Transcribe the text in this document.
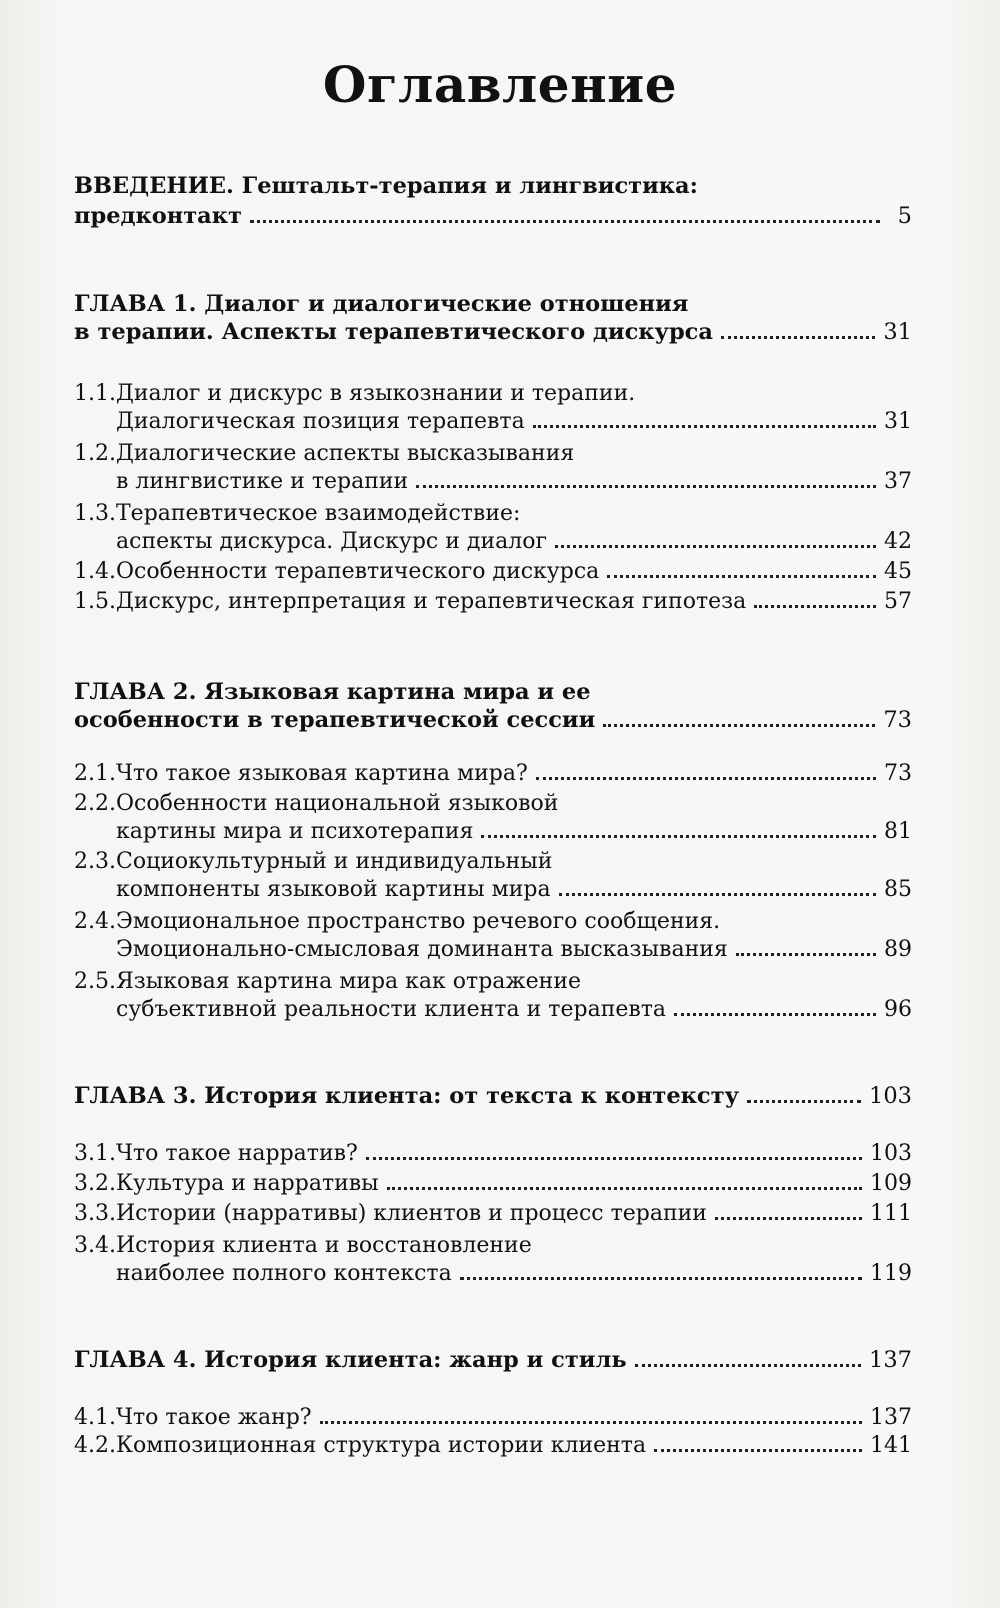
Оглавление
ВВЕДЕНИЕ. Гештальт-терапия и лингвистика:
предконтакт	5
ГЛАВА 1. Диалог и диалогические отношения
в терапии. Аспекты терапевтического дискурса	31
1.1. Диалог и дискурс в языкознании и терапии.
Диалогическая позиция терапевта	31
1.2. Диалогические аспекты высказывания
в лингвистике и терапии	37
1.3. Терапевтическое взаимодействие:
аспекты дискурса. Дискурс и диалог	42
1.4. Особенности терапевтического дискурса	45
1.5. Дискурс, интерпретация и терапевтическая гипотеза	57
ГЛАВА 2. Языковая картина мира и ее
особенности в терапевтической сессии	73
2.1. Что такое языковая картина мира?	73
2.2. Особенности национальной языковой
картины мира и психотерапия	81
2.3. Социокультурный и индивидуальный
компоненты языковой картины мира	85
2.4. Эмоциональное пространство речевого сообщения.
Эмоционально-смысловая доминанта высказывания	89
2.5. Языковая картина мира как отражение
субъективной реальности клиента и терапевта	96
ГЛАВА 3. История клиента: от текста к контексту	103
3.1. Что такое нарратив?	103
3.2. Культура и нарративы	109
3.3. Истории (нарративы) клиентов и процесс терапии	111
3.4. История клиента и восстановление
наиболее полного контекста	119
ГЛАВА 4. История клиента: жанр и стиль	137
4.1. Что такое жанр?	137
4.2. Композиционная структура истории клиента	141
